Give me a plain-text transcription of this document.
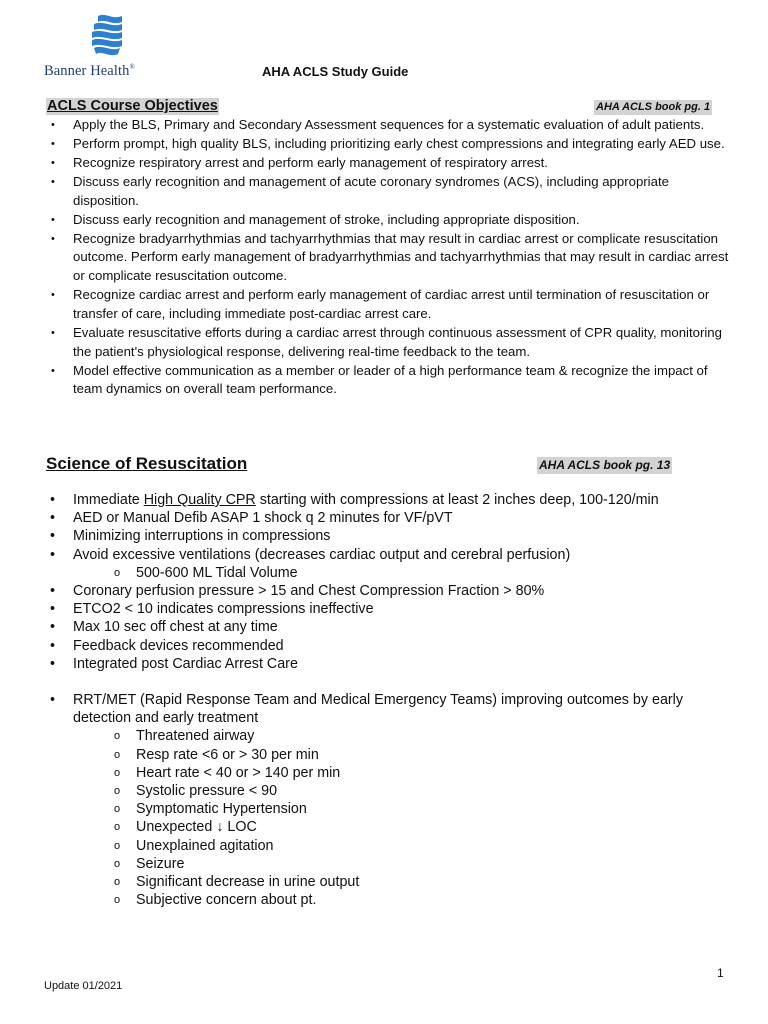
Banner Health®	AHA ACLS Study Guide
ACLS Course Objectives	AHA ACLS book pg. 1
• Apply the BLS, Primary and Secondary Assessment sequences for a systematic evaluation of adult patients.
• Perform prompt, high quality BLS, including prioritizing early chest compressions and integrating early AED use.
• Recognize respiratory arrest and perform early management of respiratory arrest.
• Discuss early recognition and management of acute coronary syndromes (ACS), including appropriate disposition.
• Discuss early recognition and management of stroke, including appropriate disposition.
• Recognize bradyarrhythmias and tachyarrhythmias that may result in cardiac arrest or complicate resuscitation outcome. Perform early management of bradyarrhythmias and tachyarrhythmias that may result in cardiac arrest or complicate resuscitation outcome.
• Recognize cardiac arrest and perform early management of cardiac arrest until termination of resuscitation or transfer of care, including immediate post-cardiac arrest care.
• Evaluate resuscitative efforts during a cardiac arrest through continuous assessment of CPR quality, monitoring the patient's physiological response, delivering real-time feedback to the team.
• Model effective communication as a member or leader of a high performance team & recognize the impact of team dynamics on overall team performance.
Science of Resuscitation	AHA ACLS book pg. 13
• Immediate High Quality CPR starting with compressions at least 2 inches deep, 100-120/min
• AED or Manual Defib ASAP 1 shock q 2 minutes for VF/pVT
• Minimizing interruptions in compressions
• Avoid excessive ventilations (decreases cardiac output and cerebral perfusion)
o 500-600 ML Tidal Volume
• Coronary perfusion pressure > 15 and Chest Compression Fraction > 80%
• ETCO2 < 10 indicates compressions ineffective
• Max 10 sec off chest at any time
• Feedback devices recommended
• Integrated post Cardiac Arrest Care
• RRT/MET (Rapid Response Team and Medical Emergency Teams) improving outcomes by early detection and early treatment
o Threatened airway
o Resp rate <6 or > 30 per min
o Heart rate < 40 or > 140 per min
o Systolic pressure < 90
o Symptomatic Hypertension
o Unexpected ↓ LOC
o Unexplained agitation
o Seizure
o Significant decrease in urine output
o Subjective concern about pt.
1
Update 01/2021
